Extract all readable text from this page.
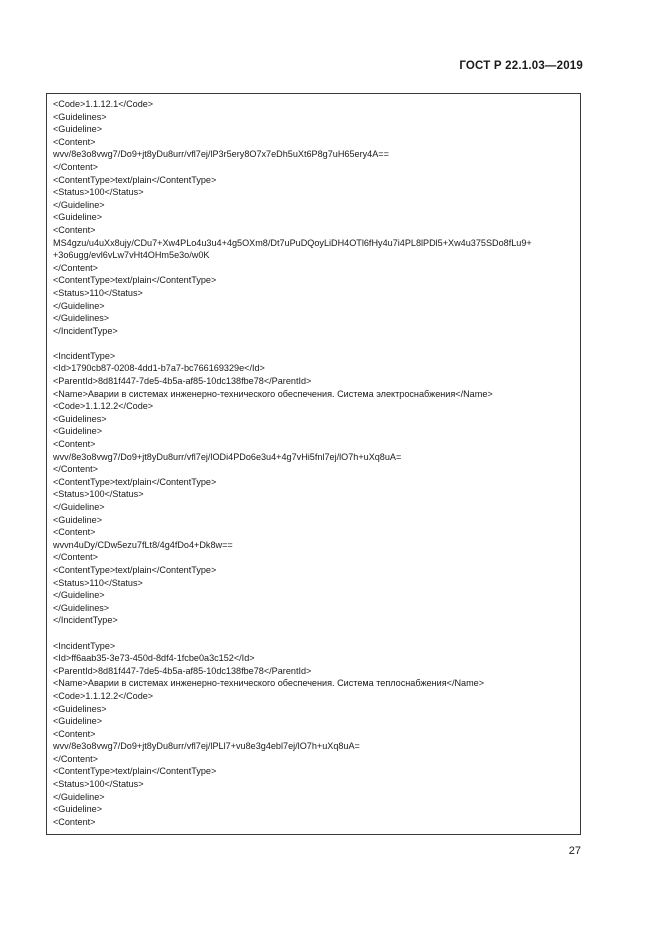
ГОСТ Р 22.1.03—2019
<Code>1.1.12.1</Code>
<Guidelines>
<Guideline>
<Content>
wvv/8e3o8vwg7/Do9+jt8yDu8urr/vfl7ej/lP3r5ery8O7x7eDh5uXt6P8g7uH65ery4A==
</Content>
<ContentType>text/plain</ContentType>
<Status>100</Status>
</Guideline>
<Guideline>
<Content>
MS4gzu/u4uXx8ujy/CDu7+Xw4PLo4u3u4+4g5OXm8/Dt7uPuDQoyLiDH4OTl6fHy4u7i4PL8lPDl5+Xw4u375SDo8fLu9+
+3o6ugg/evl6vLw7vHt4OHm5e3o/w0K
</Content>
<ContentType>text/plain</ContentType>
<Status>110</Status>
</Guideline>
</Guidelines>
</IncidentType>
<IncidentType>
<Id>1790cb87-0208-4dd1-b7a7-bc766169329e</Id>
<ParentId>8d81f447-7de5-4b5a-af85-10dc138fbe78</ParentId>
<Name>Аварии в системах инженерно-технического обеспечения. Система электроснабжения</Name>
<Code>1.1.12.2</Code>
<Guidelines>
<Guideline>
<Content>
wvv/8e3o8vwg7/Do9+jt8yDu8urr/vfl7ej/lODi4PDo6e3u4+4g7vHi5fnl7ej/lO7h+uXq8uA=
</Content>
<ContentType>text/plain</ContentType>
<Status>100</Status>
</Guideline>
<Guideline>
<Content>
wvvn4uDy/CDw5ezu7fLt8/4g4fDo4+Dk8w==
</Content>
<ContentType>text/plain</ContentType>
<Status>110</Status>
</Guideline>
</Guidelines>
</IncidentType>
<IncidentType>
<Id>ff6aab35-3e73-450d-8df4-1fcbe0a3c152</Id>
<ParentId>8d81f447-7de5-4b5a-af85-10dc138fbe78</ParentId>
<Name>Аварии в системах инженерно-технического обеспечения. Система теплоснабжения</Name>
<Code>1.1.12.2</Code>
<Guidelines>
<Guideline>
<Content>
wvv/8e3o8vwg7/Do9+jt8yDu8urr/vfl7ej/lPLl7+vu8e3g4ebl7ej/lO7h+uXq8uA=
</Content>
<ContentType>text/plain</ContentType>
<Status>100</Status>
</Guideline>
<Guideline>
<Content>
27
